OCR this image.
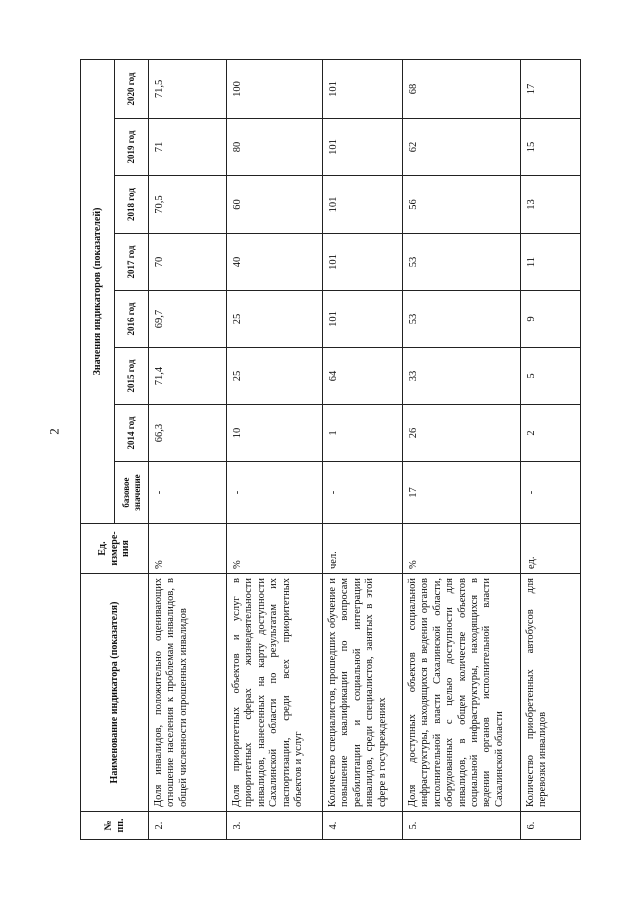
2
№ пп.	Наименование индикатора (показателя)	Ед. измере-ния	Значения индикаторов (показателей)							
			базовое значение	2014 год	2015 год	2016 год	2017 год	2018 год	2019 год	2020 год
2.	Доля инвалидов, положительно оценивающих отношение населения к проблемам инвалидов, в общей численности опрошенных инвалидов	%	-	66,3	71,4	69,7	70	70,5	71	71,5
3.	Доля приоритетных объектов и услуг в приоритетных сферах жизнедеятельности инвалидов, нанесенных на карту доступности Сахалинской области по результатам их паспортизации, среди всех приоритетных объектов и услуг	%	-	10	25	25	40	60	80	100
4.	Количество специалистов, прошедших обучение и повышение квалификации по вопросам реабилитации и социальной интеграции инвалидов, среди специалистов, занятых в этой сфере в госучреждениях	чел.	-	1	64	101	101	101	101	101
5.	Доля доступных объектов социальной инфраструктуры, находящихся в ведении органов исполнительной власти Сахалинской области, оборудованных с целью доступности для инвалидов, в общем количестве объектов социальной инфраструктуры, находящихся в ведении органов исполнительной власти Сахалинской области	%	17	26	33	53	53	56	62	68
6.	Количество приобретенных автобусов для перевозки инвалидов	ед.	-	2	5	9	11	13	15	17
